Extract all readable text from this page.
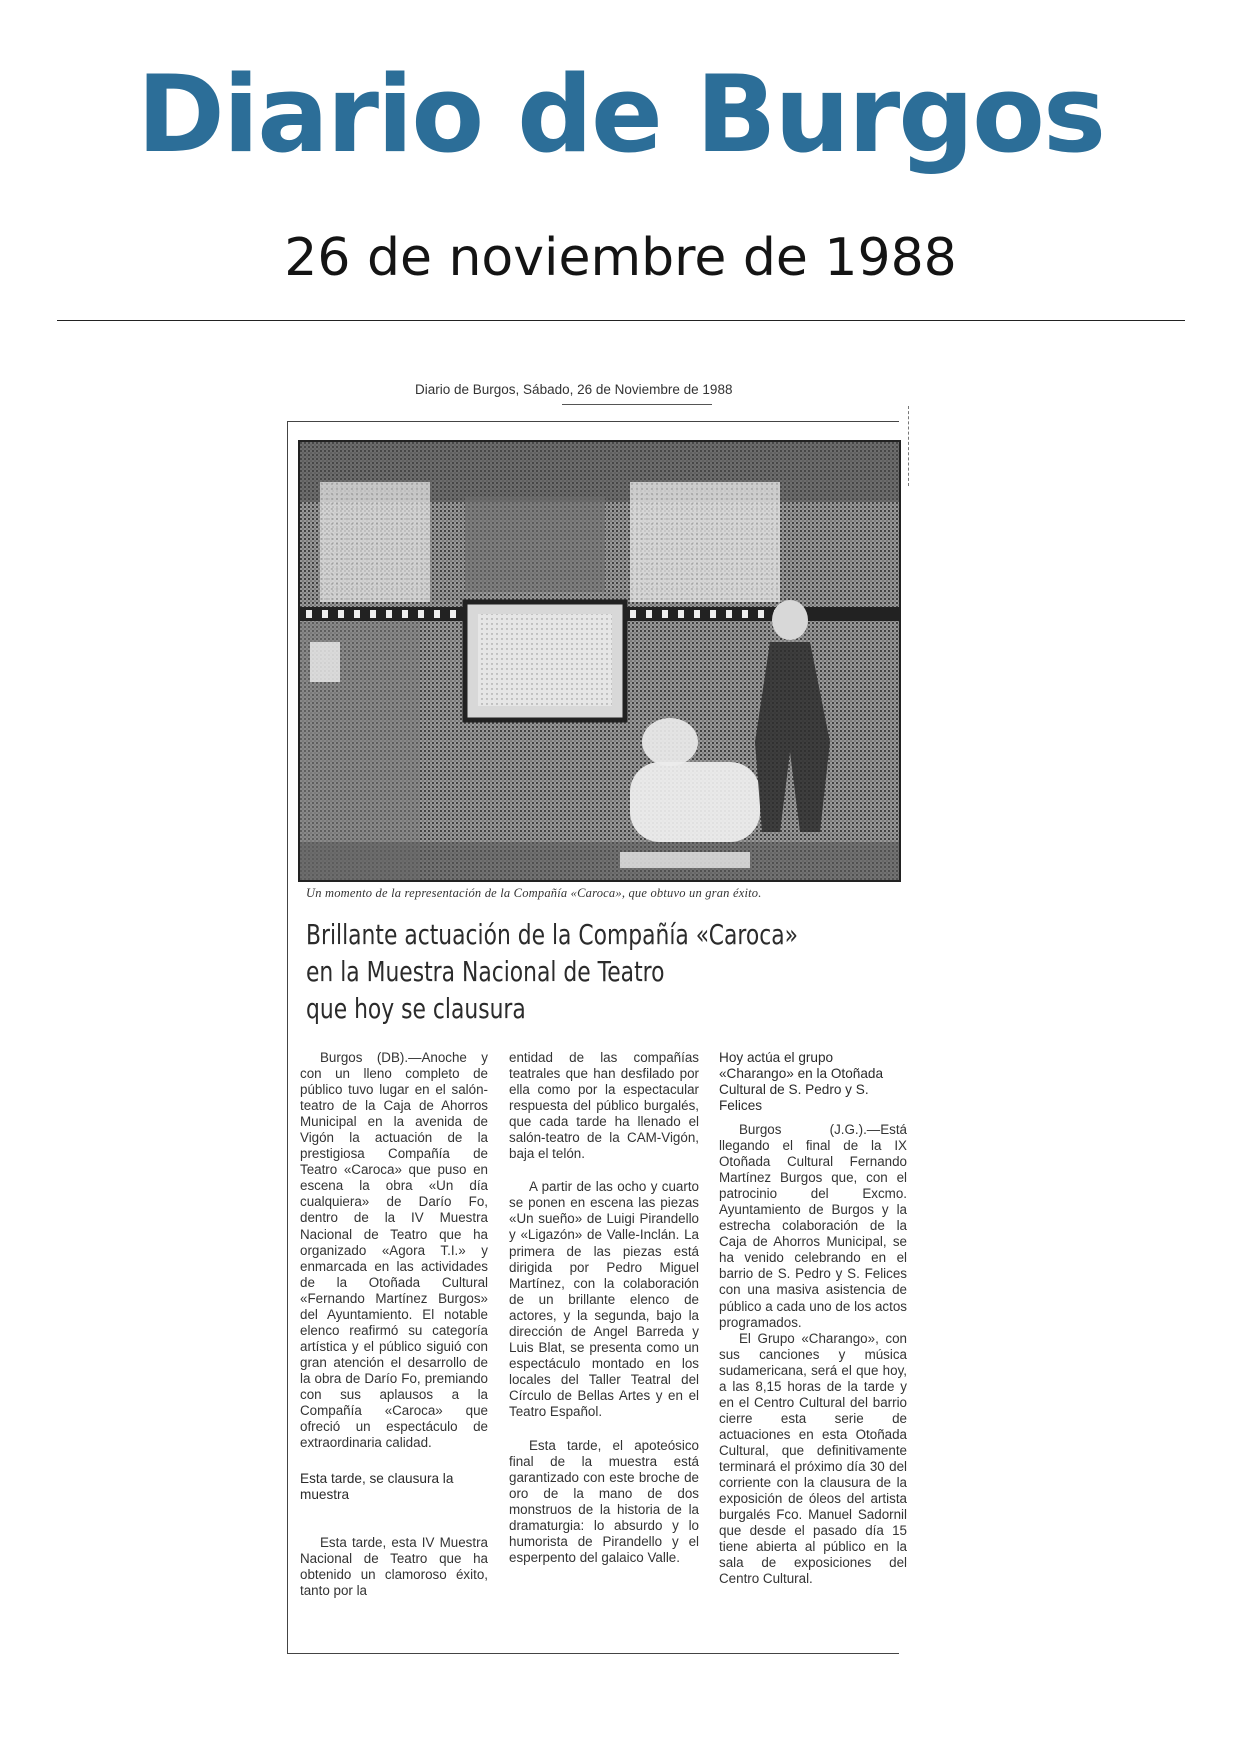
Diario de Burgos
26 de noviembre de 1988
Diario de Burgos, Sábado, 26 de Noviembre de 1988
Un momento de la representación de la Compañía «Caroca», que obtuvo un gran éxito.
Brillante actuación de la Compañía «Caroca»
en la Muestra Nacional de Teatro
que hoy se clausura

Burgos (DB).—Anoche y con un lleno completo de público tuvo lugar en el salón-teatro de la Caja de Ahorros Municipal en la avenida de Vigón la actuación de la prestigiosa Compañía de Teatro «Caroca» que puso en escena la obra «Un día cualquiera» de Darío Fo, dentro de la IV Muestra Nacional de Teatro que ha organizado «Agora T.I.» y enmarcada en las actividades de la Otoñada Cultural «Fernando Martínez Burgos» del Ayuntamiento. El notable elenco reafirmó su categoría artística y el público siguió con gran atención el desarrollo de la obra de Darío Fo, premiando con sus aplausos a la Compañía «Caroca» que ofreció un espectáculo de extraordinaria calidad.

Esta tarde, se clausura la muestra

Esta tarde, esta IV Muestra Nacional de Teatro que ha obtenido un clamoroso éxito, tanto por la

entidad de las compañías teatrales que han desfilado por ella como por la espectacular respuesta del público burgalés, que cada tarde ha llenado el salón-teatro de la CAM-Vigón, baja el telón.

A partir de las ocho y cuarto se ponen en escena las piezas «Un sueño» de Luigi Pirandello y «Ligazón» de Valle-Inclán. La primera de las piezas está dirigida por Pedro Miguel Martínez, con la colaboración de un brillante elenco de actores, y la segunda, bajo la dirección de Angel Barreda y Luis Blat, se presenta como un espectáculo montado en los locales del Taller Teatral del Círculo de Bellas Artes y en el Teatro Español.

Esta tarde, el apoteósico final de la muestra está garantizado con este broche de oro de la mano de dos monstruos de la historia de la dramaturgia: lo absurdo y lo humorista de Pirandello y el esperpento del galaico Valle.

Hoy actúa el grupo «Charango» en la Otoñada Cultural de S. Pedro y S. Felices

Burgos (J.G.).—Está llegando el final de la IX Otoñada Cultural Fernando Martínez Burgos que, con el patrocinio del Excmo. Ayuntamiento de Burgos y la estrecha colaboración de la Caja de Ahorros Municipal, se ha venido celebrando en el barrio de S. Pedro y S. Felices con una masiva asistencia de público a cada uno de los actos programados.

El Grupo «Charango», con sus canciones y música sudamericana, será el que hoy, a las 8,15 horas de la tarde y en el Centro Cultural del barrio cierre esta serie de actuaciones en esta Otoñada Cultural, que definitivamente terminará el próximo día 30 del corriente con la clausura de la exposición de óleos del artista burgalés Fco. Manuel Sadornil que desde el pasado día 15 tiene abierta al público en la sala de exposiciones del Centro Cultural.
